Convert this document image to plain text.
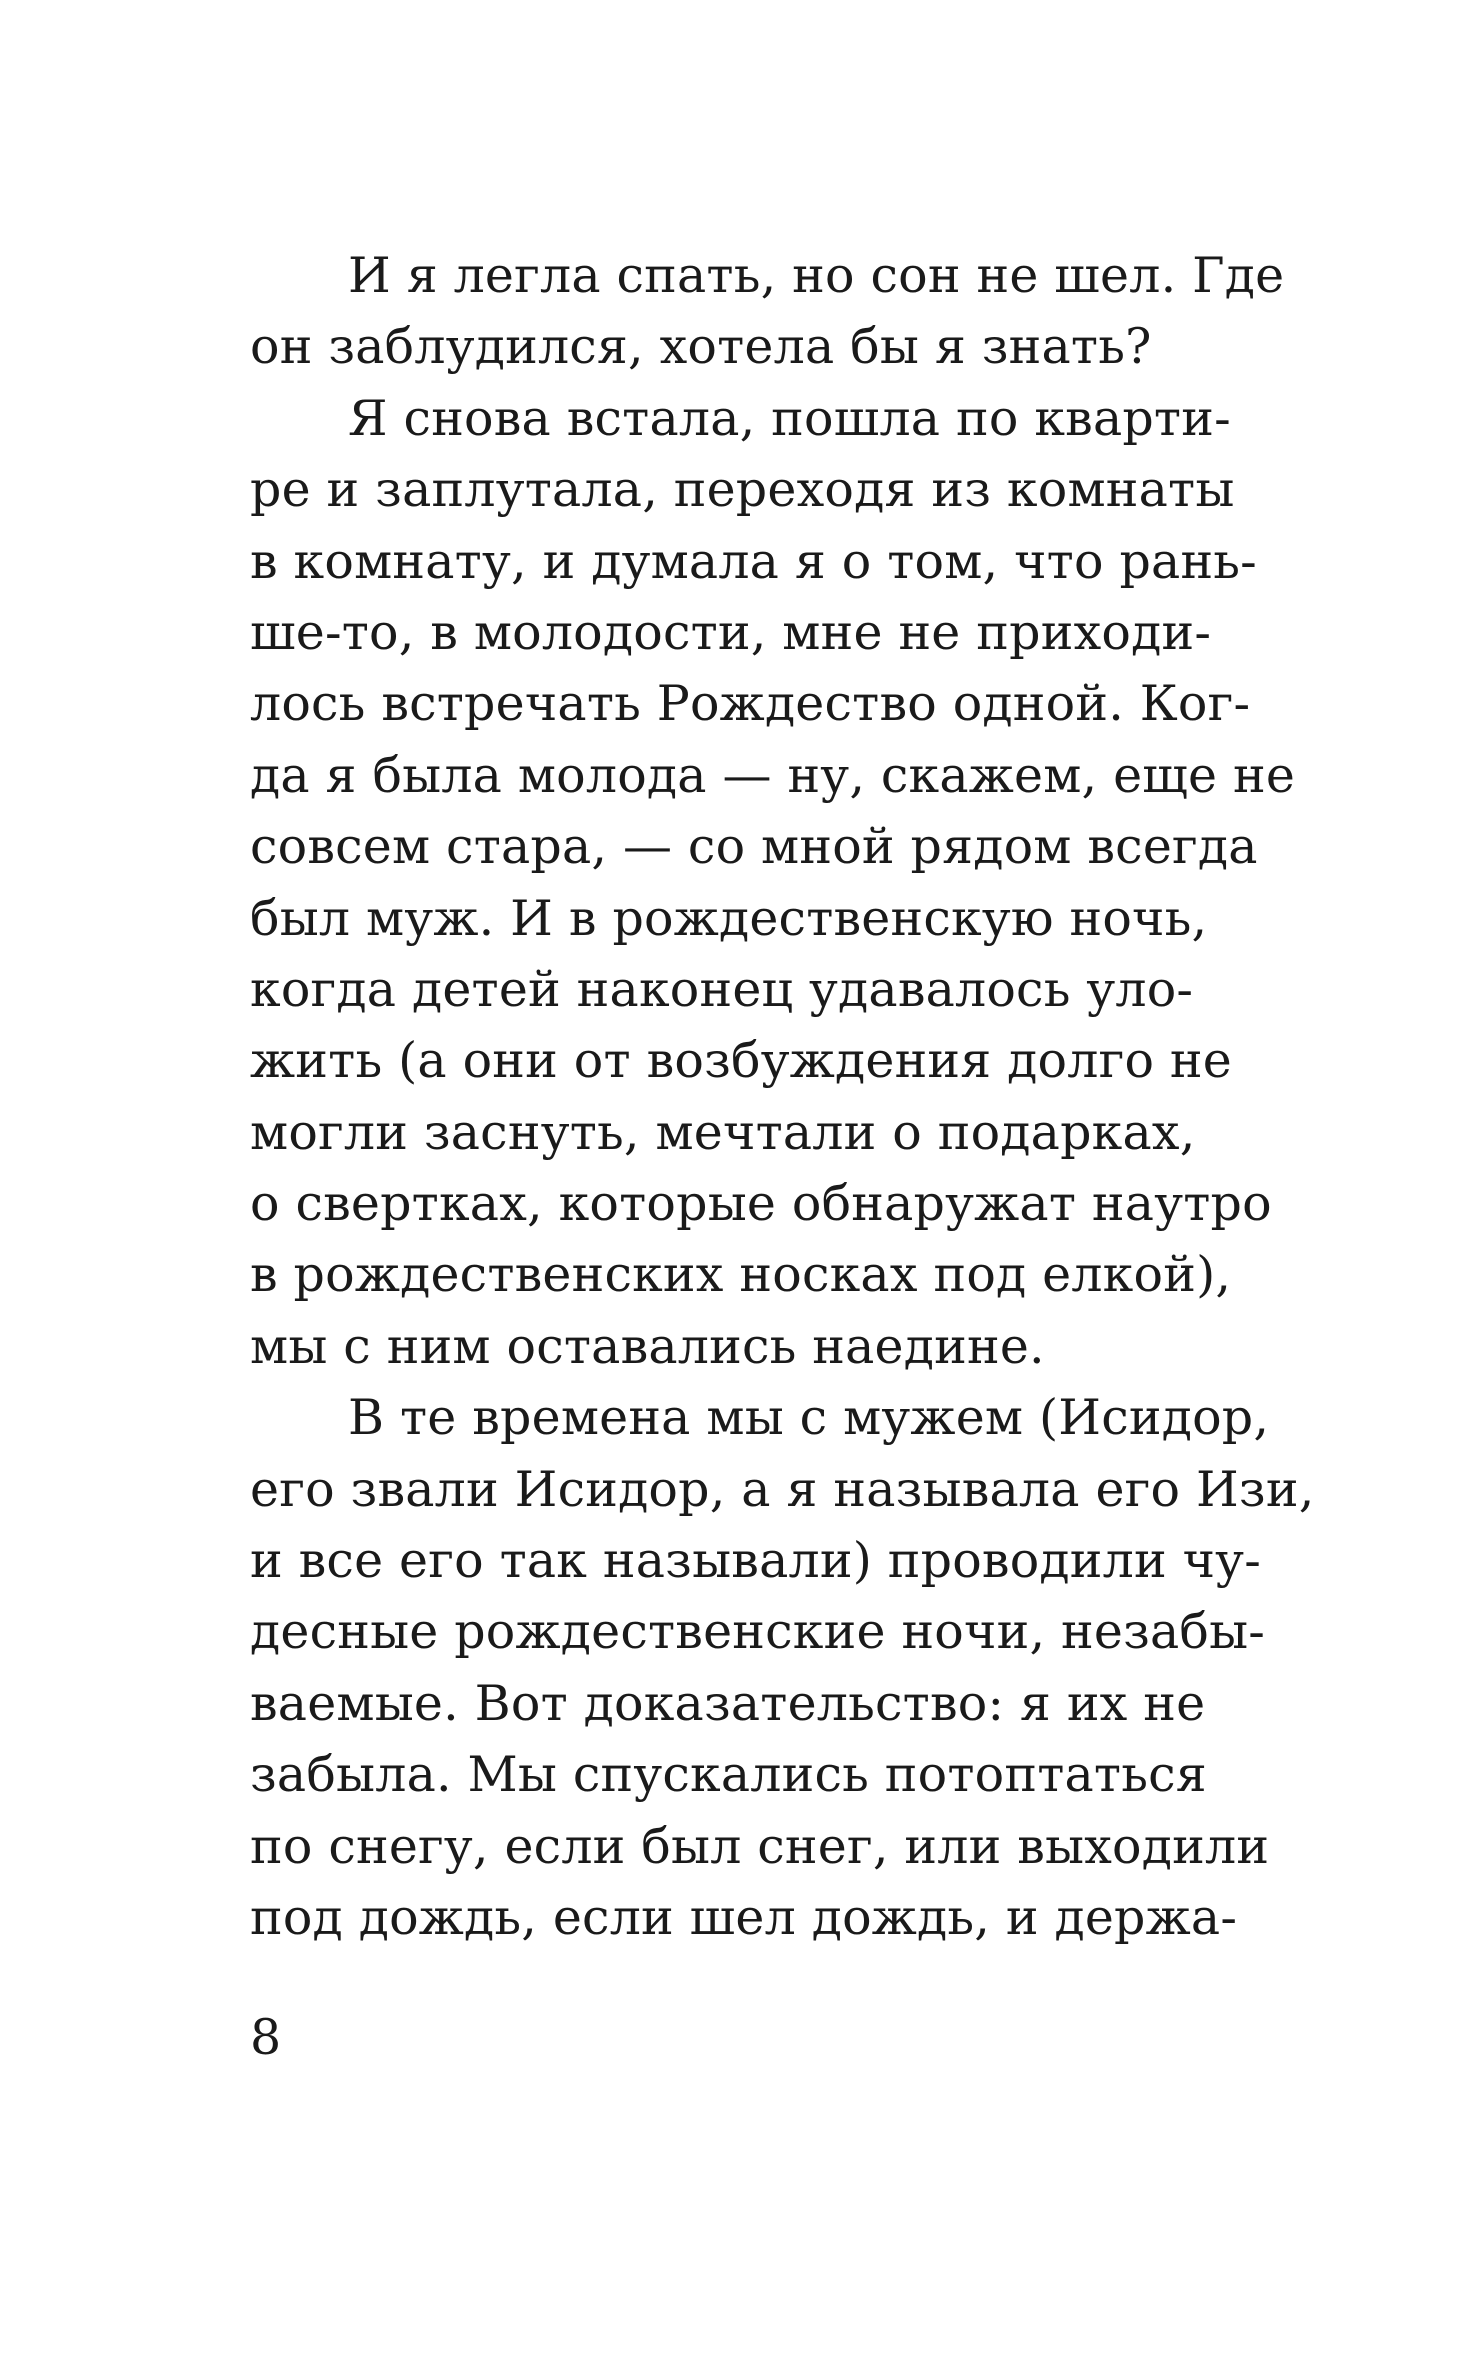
И я легла спать, но сон не шел. Где
он заблудился, хотела бы я знать?
Я снова встала, пошла по кварти-
ре и заплутала, переходя из комнаты
в комнату, и думала я о том, что рань-
ше-то, в молодости, мне не приходи-
лось встречать Рождество одной. Ког-
да я была молода — ну, скажем, еще не
совсем стара, — со мной рядом всегда
был муж. И в рождественскую ночь,
когда детей наконец удавалось уло-
жить (а они от возбуждения долго не
могли заснуть, мечтали о подарках,
о свертках, которые обнаружат наутро
в рождественских носках под елкой),
мы с ним оставались наедине.
В те времена мы с мужем (Исидор,
его звали Исидор, а я называла его Изи,
и все его так называли) проводили чу-
десные рождественские ночи, незабы-
ваемые. Вот доказательство: я их не
забыла. Мы спускались потоптаться
по снегу, если был снег, или выходили
под дождь, если шел дождь, и держа-
8
